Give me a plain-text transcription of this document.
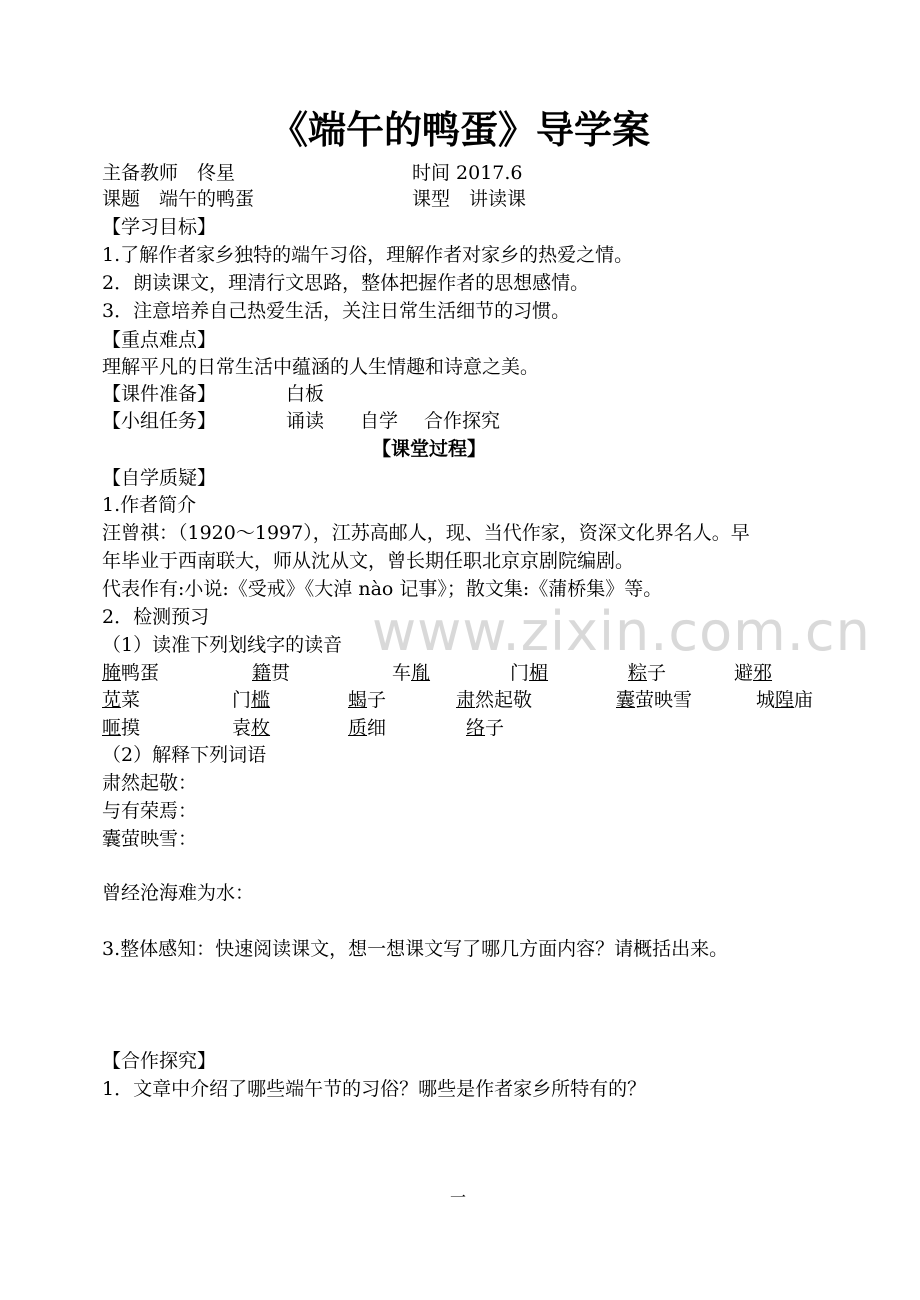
《端午的鸭蛋》导学案
主备教师　佟星	时间 2017.6
课题　端午的鸭蛋	课型　讲读课
【学习目标】
1.了解作者家乡独特的端午习俗，理解作者对家乡的热爱之情。
2．朗读课文，理清行文思路，整体把握作者的思想感情。
3．注意培养自己热爱生活，关注日常生活细节的习惯。
【重点难点】
理解平凡的日常生活中蕴涵的人生情趣和诗意之美。
【课件准备】	白板
【小组任务】	诵读 自学 合作探究
【课堂过程】
【自学质疑】
1.作者简介
汪曾祺：（1920～1997），江苏高邮人，现、当代作家，资深文化界名人。早
年毕业于西南联大，师从沈从文，曾长期任职北京京剧院编剧。
代表作有:小说:《受戒》《大淖 nào 记事》；散文集:《蒲桥集》等。
2．检测预习
（1）读准下列划线字的读音
腌鸭蛋	籍贯	车胤	门楣	粽子	避邪
苋菜	门槛	蝎子	肃然起敬	囊萤映雪	城隍庙
咂摸	袁枚	质细	络子
（2）解释下列词语
肃然起敬：
与有荣焉：
囊萤映雪：
曾经沧海难为水：
3.整体感知：快速阅读课文，想一想课文写了哪几方面内容？请概括出来。
【合作探究】
1．文章中介绍了哪些端午节的习俗？哪些是作者家乡所特有的？
www.zixin.com.cn
一
